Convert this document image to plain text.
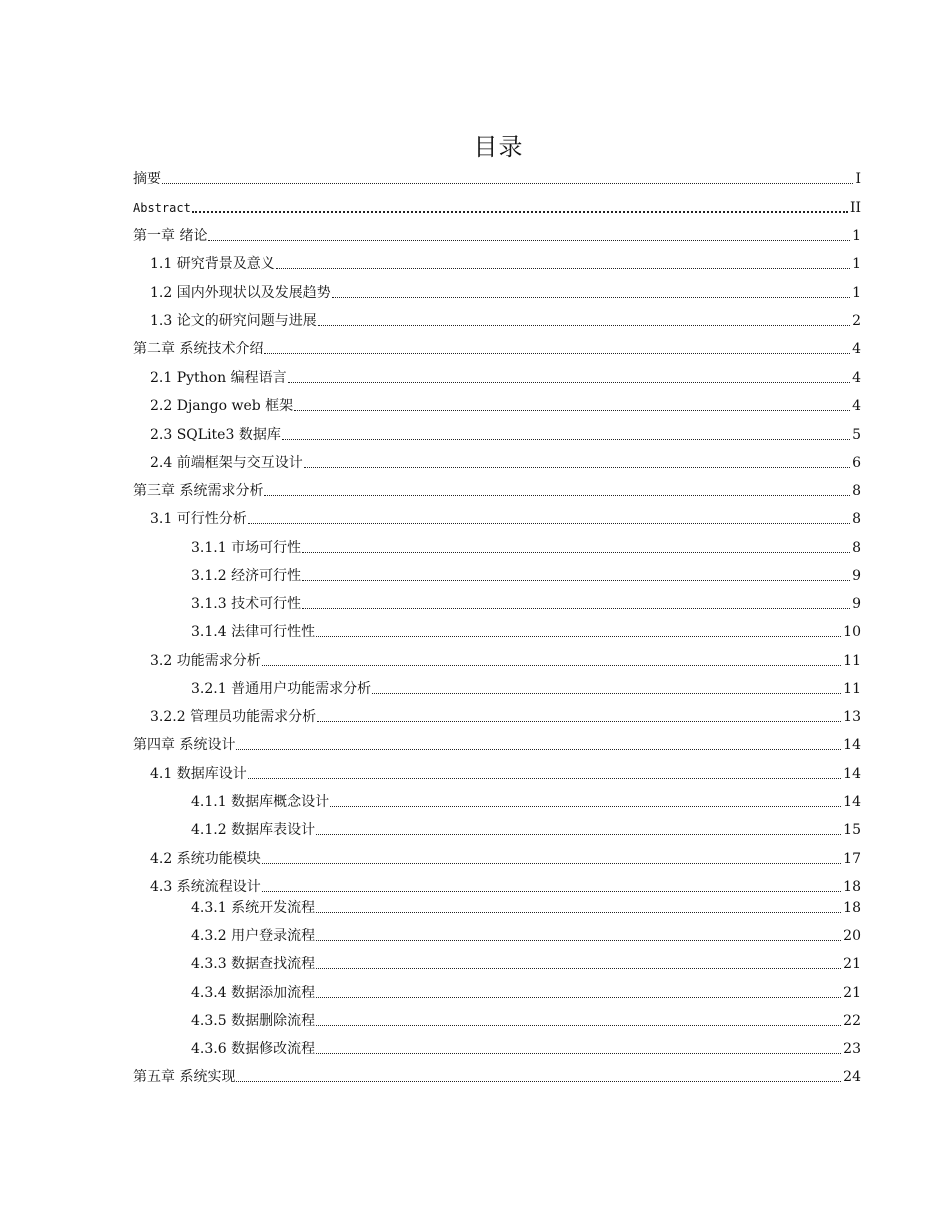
目录
摘要	I
Abstract	II
第一章 绪论	1
1.1 研究背景及意义	1
1.2 国内外现状以及发展趋势	1
1.3 论文的研究问题与进展	2
第二章 系统技术介绍	4
2.1 Python 编程语言	4
2.2 Django web 框架	4
2.3 SQLite3 数据库	5
2.4 前端框架与交互设计	6
第三章 系统需求分析	8
3.1 可行性分析	8
3.1.1 市场可行性	8
3.1.2 经济可行性	9
3.1.3 技术可行性	9
3.1.4 法律可行性性	10
3.2 功能需求分析	11
3.2.1 普通用户功能需求分析	11
3.2.2 管理员功能需求分析	13
第四章 系统设计	14
4.1 数据库设计	14
4.1.1 数据库概念设计	14
4.1.2 数据库表设计	15
4.2 系统功能模块	17
4.3 系统流程设计	18
4.3.1 系统开发流程	18
4.3.2 用户登录流程	20
4.3.3 数据查找流程	21
4.3.4 数据添加流程	21
4.3.5 数据删除流程	22
4.3.6 数据修改流程	23
第五章 系统实现	24
